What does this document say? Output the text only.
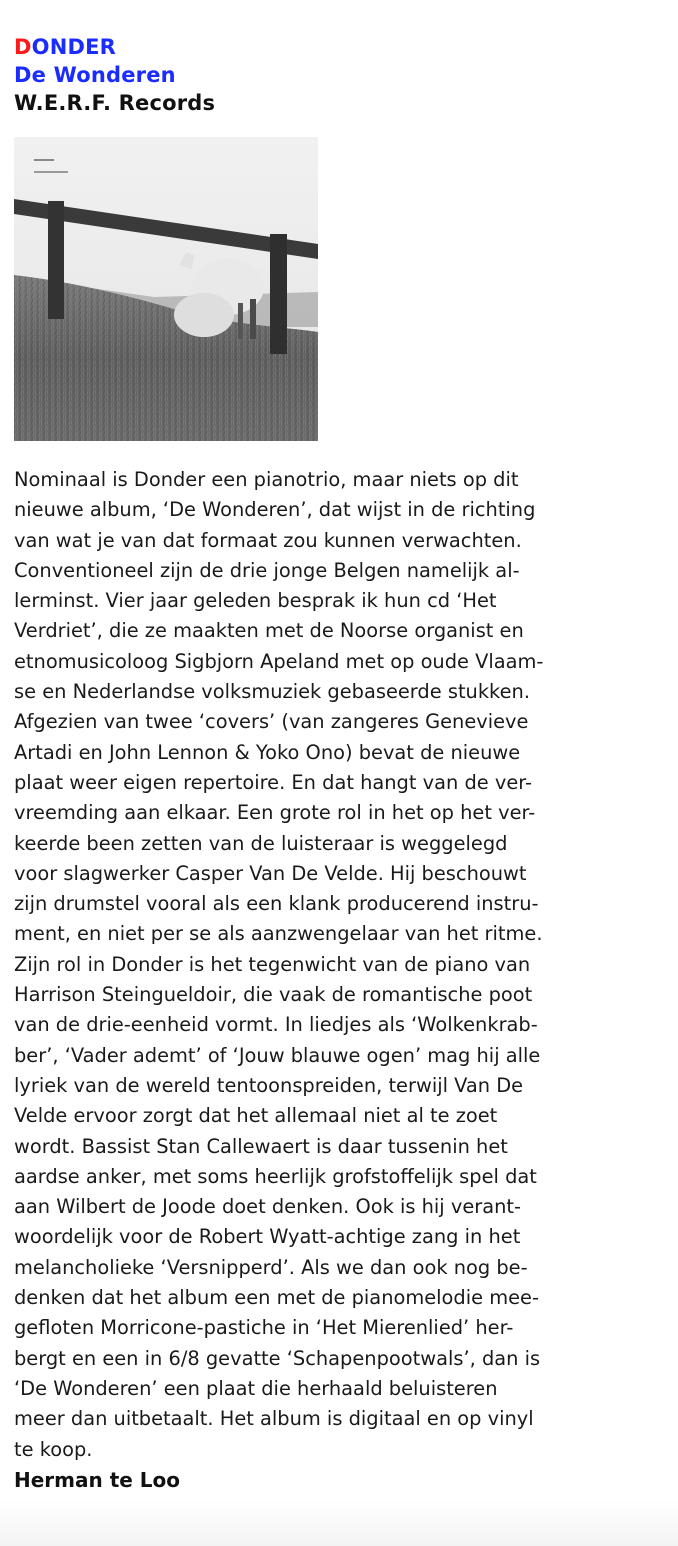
DONDER
De Wonderen
W.E.R.F. Records
Nominaal is Donder een pianotrio, maar niets op dit
nieuwe album, ‘De Wonderen’, dat wijst in de richting
van wat je van dat formaat zou kunnen verwachten.
Conventioneel zijn de drie jonge Belgen namelijk al-
lerminst. Vier jaar geleden besprak ik hun cd ‘Het
Verdriet’, die ze maakten met de Noorse organist en
etnomusicoloog Sigbjorn Apeland met op oude Vlaam-
se en Nederlandse volksmuziek gebaseerde stukken.
Afgezien van twee ‘covers’ (van zangeres Genevieve
Artadi en John Lennon & Yoko Ono) bevat de nieuwe
plaat weer eigen repertoire. En dat hangt van de ver-
vreemding aan elkaar. Een grote rol in het op het ver-
keerde been zetten van de luisteraar is weggelegd
voor slagwerker Casper Van De Velde. Hij beschouwt
zijn drumstel vooral als een klank producerend instru-
ment, en niet per se als aanzwengelaar van het ritme.
Zijn rol in Donder is het tegenwicht van de piano van
Harrison Steingueldoir, die vaak de romantische poot
van de drie-eenheid vormt. In liedjes als ‘Wolkenkrab-
ber’, ‘Vader ademt’ of ‘Jouw blauwe ogen’ mag hij alle
lyriek van de wereld tentoonspreiden, terwijl Van De
Velde ervoor zorgt dat het allemaal niet al te zoet
wordt. Bassist Stan Callewaert is daar tussenin het
aardse anker, met soms heerlijk grofstoffelijk spel dat
aan Wilbert de Joode doet denken. Ook is hij verant-
woordelijk voor de Robert Wyatt-achtige zang in het
melancholieke ‘Versnipperd’. Als we dan ook nog be-
denken dat het album een met de pianomelodie mee-
gefloten Morricone-pastiche in ‘Het Mierenlied’ her-
bergt en een in 6/8 gevatte ‘Schapenpootwals’, dan is
‘De Wonderen’ een plaat die herhaald beluisteren
meer dan uitbetaalt. Het album is digitaal en op vinyl
te koop.
Herman te Loo
